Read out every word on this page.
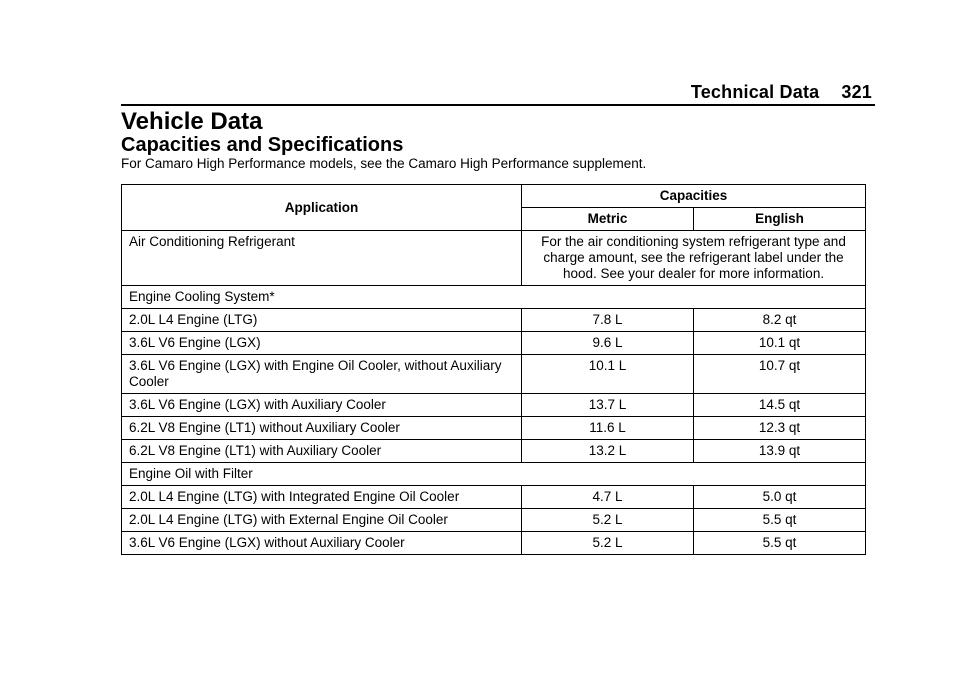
Technical Data 321
Vehicle Data
Capacities and Specifications

For Camaro High Performance models, see the Camaro High Performance supplement.

Application	Capacities	
	Metric	English
Air Conditioning Refrigerant	For the air conditioning system refrigerant type and charge amount, see the refrigerant label under the hood. See your dealer for more information.	
Engine Cooling System*		
2.0L L4 Engine (LTG)	7.8 L	8.2 qt
3.6L V6 Engine (LGX)	9.6 L	10.1 qt
3.6L V6 Engine (LGX) with Engine Oil Cooler, without Auxiliary Cooler	10.1 L	10.7 qt
3.6L V6 Engine (LGX) with Auxiliary Cooler	13.7 L	14.5 qt
6.2L V8 Engine (LT1) without Auxiliary Cooler	11.6 L	12.3 qt
6.2L V8 Engine (LT1) with Auxiliary Cooler	13.2 L	13.9 qt
Engine Oil with Filter		
2.0L L4 Engine (LTG) with Integrated Engine Oil Cooler	4.7 L	5.0 qt
2.0L L4 Engine (LTG) with External Engine Oil Cooler	5.2 L	5.5 qt
3.6L V6 Engine (LGX) without Auxiliary Cooler	5.2 L	5.5 qt
